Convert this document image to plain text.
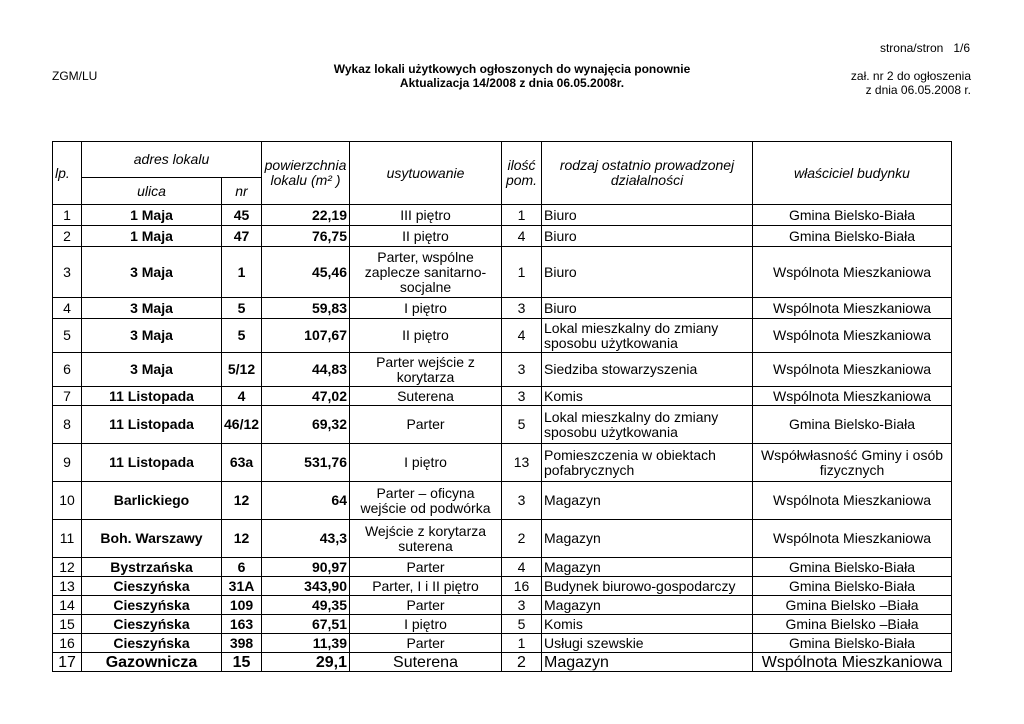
strona/stron   1/6
ZGM/LU	Wykaz lokali użytkowych ogłoszonych do wynajęcia ponownie
Aktualizacja 14/2008 z dnia 06.05.2008r.	zał. nr 2 do ogłoszenia
z dnia 06.05.2008 r.
lp.	adres lokalu		powierzchnia lokalu (m² )	usytuowanie	ilość pom.	rodzaj ostatnio prowadzonej działalności	właściciel budynku
	ulica	nr					
1	1 Maja	45	22,19	III piętro	1	Biuro	Gmina Bielsko-Biała
2	1 Maja	47	76,75	II piętro	4	Biuro	Gmina Bielsko-Biała
3	3 Maja	1	45,46	Parter, wspólne zaplecze sanitarno-socjalne	1	Biuro	Wspólnota Mieszkaniowa
4	3 Maja	5	59,83	I piętro	3	Biuro	Wspólnota Mieszkaniowa
5	3 Maja	5	107,67	II piętro	4	Lokal mieszkalny do zmiany sposobu użytkowania	Wspólnota Mieszkaniowa
6	3 Maja	5/12	44,83	Parter wejście z korytarza	3	Siedziba stowarzyszenia	Wspólnota Mieszkaniowa
7	11 Listopada	4	47,02	Suterena	3	Komis	Wspólnota Mieszkaniowa
8	11 Listopada	46/12	69,32	Parter	5	Lokal mieszkalny do zmiany sposobu użytkowania	Gmina Bielsko-Biała
9	11 Listopada	63a	531,76	I piętro	13	Pomieszczenia w obiektach pofabrycznych	Współwłasność Gminy i osób fizycznych
10	Barlickiego	12	64	Parter – oficyna wejście od podwórka	3	Magazyn	Wspólnota Mieszkaniowa
11	Boh. Warszawy	12	43,3	Wejście z korytarza suterena	2	Magazyn	Wspólnota Mieszkaniowa
12	Bystrzańska	6	90,97	Parter	4	Magazyn	Gmina Bielsko-Biała
13	Cieszyńska	31A	343,90	Parter, I i II piętro	16	Budynek biurowo-gospodarczy	Gmina Bielsko-Biała
14	Cieszyńska	109	49,35	Parter	3	Magazyn	Gmina Bielsko –Biała
15	Cieszyńska	163	67,51	I piętro	5	Komis	Gmina Bielsko –Biała
16	Cieszyńska	398	11,39	Parter	1	Usługi szewskie	Gmina Bielsko-Biała
17	Gazownicza	15	29,1	Suterena	2	Magazyn	Wspólnota Mieszkaniowa
